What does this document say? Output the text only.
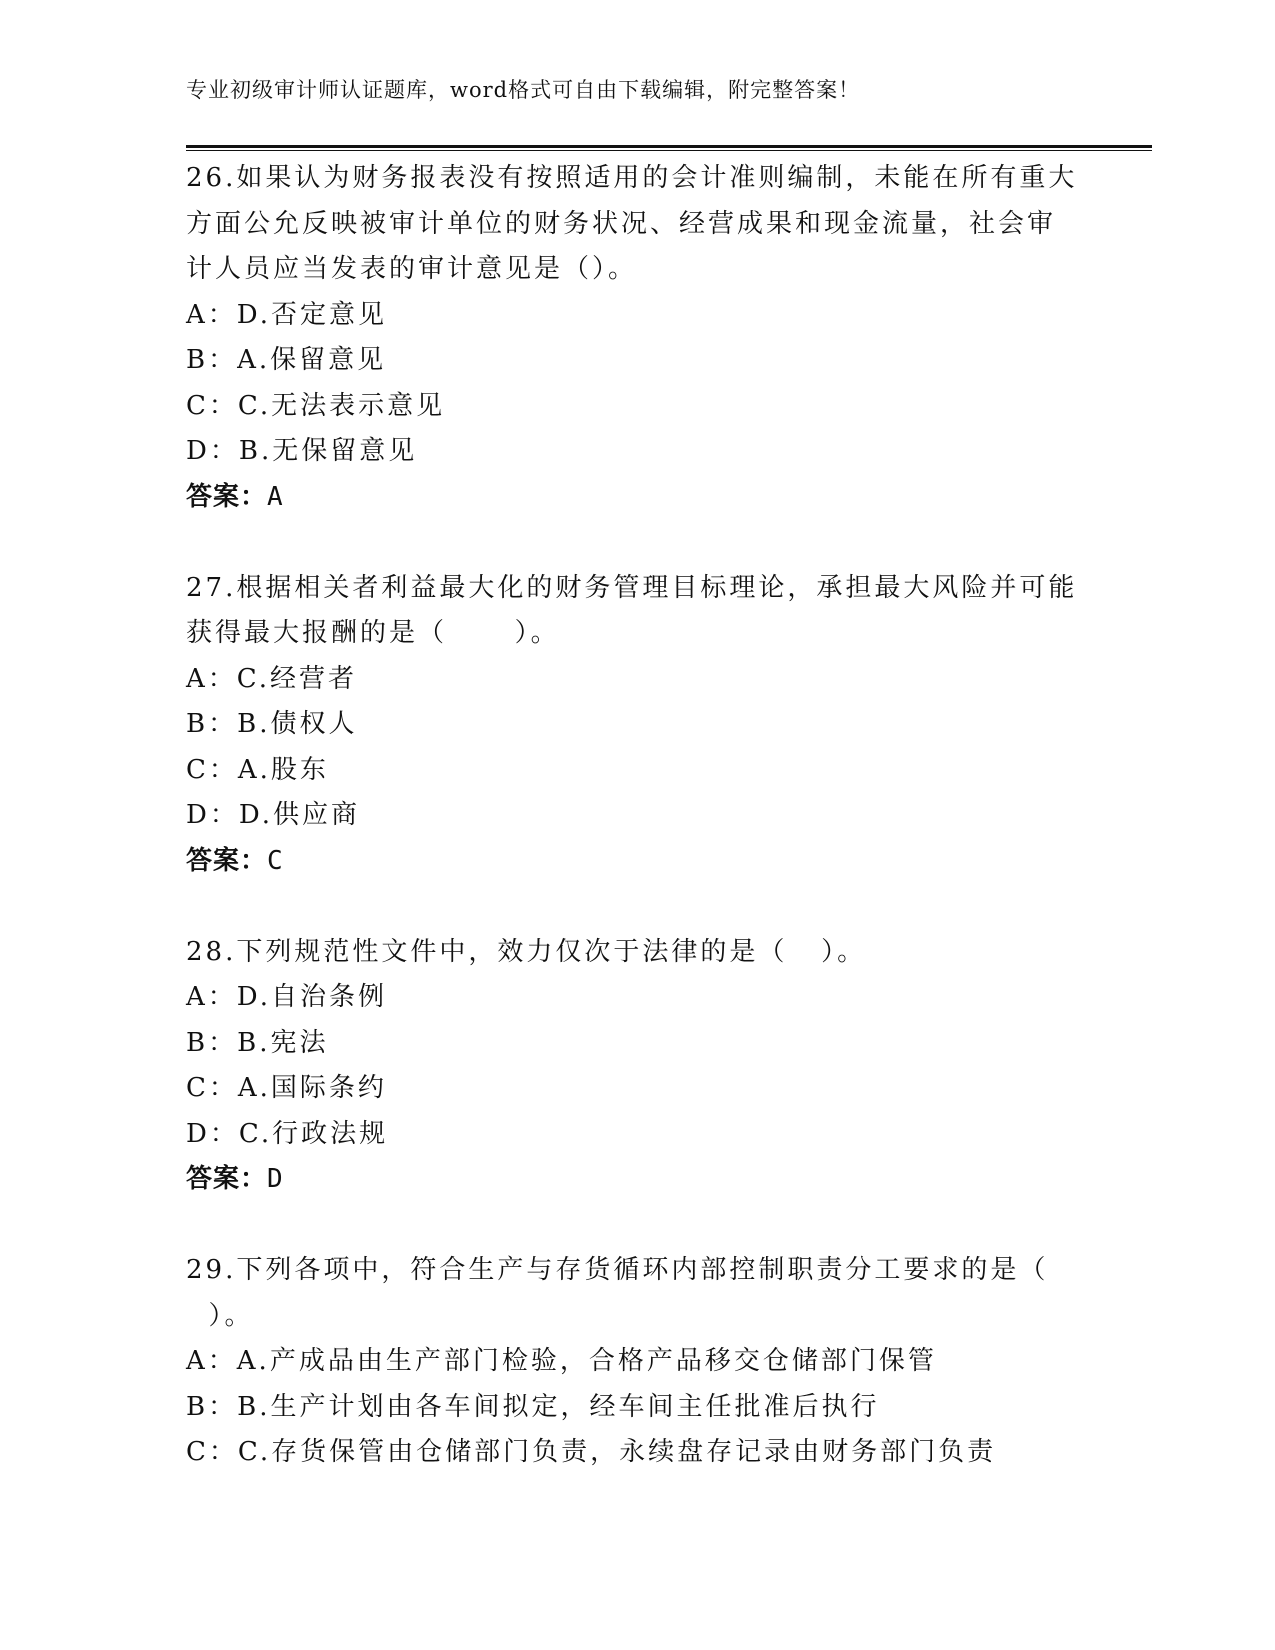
专业初级审计师认证题库，word格式可自由下载编辑，附完整答案！
26.如果认为财务报表没有按照适用的会计准则编制，未能在所有重大
方面公允反映被审计单位的财务状况、经营成果和现金流量，社会审
计人员应当发表的审计意见是（）。
A：D.否定意见
B：A.保留意见
C：C.无法表示意见
D：B.无保留意见
答案：A
27.根据相关者利益最大化的财务管理目标理论，承担最大风险并可能
获得最大报酬的是（      ）。
A：C.经营者
B：B.债权人
C：A.股东
D：D.供应商
答案：C
28.下列规范性文件中，效力仅次于法律的是（   ）。
A：D.自治条例
B：B.宪法
C：A.国际条约
D：C.行政法规
答案：D
29.下列各项中，符合生产与存货循环内部控制职责分工要求的是（
）。
A：A.产成品由生产部门检验，合格产品移交仓储部门保管
B：B.生产计划由各车间拟定，经车间主任批准后执行
C：C.存货保管由仓储部门负责，永续盘存记录由财务部门负责
